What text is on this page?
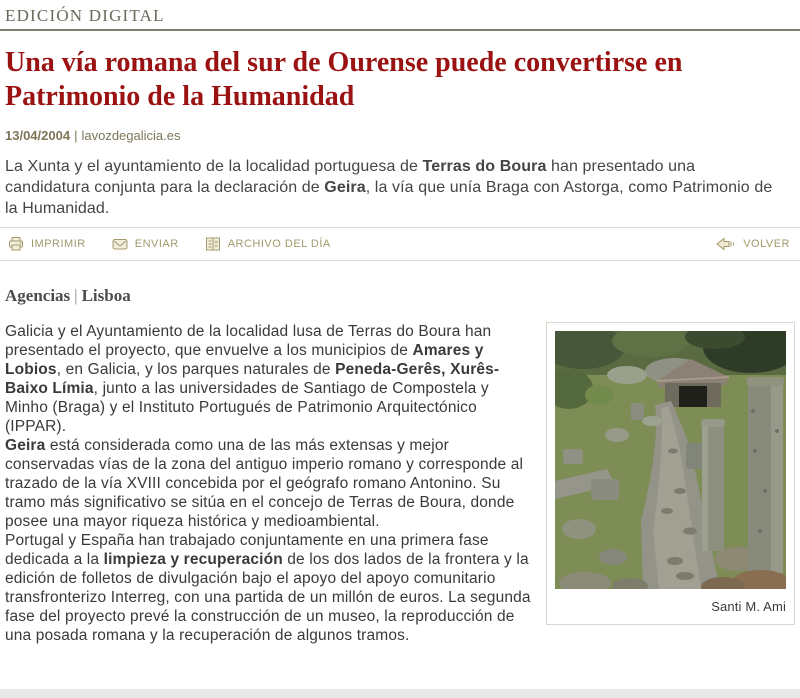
EDICIÓN DIGITAL
Una vía romana del sur de Ourense puede convertirse en Patrimonio de la Humanidad
13/04/2004 | lavozdegalicia.es

La Xunta y el ayuntamiento de la localidad portuguesa de Terras do Boura han presentado una candidatura conjunta para la declaración de Geira, la vía que unía Braga con Astorga, como Patrimonio de la Humanidad.

IMPRIMIR	ENVIAR	ARCHIVO DEL DÍA	VOLVER
Agencias | Lisboa
Santi M. Ami

Galicia y el Ayuntamiento de la localidad lusa de Terras do Boura han presentado el proyecto, que envuelve a los municipios de Amares y Lobios, en Galicia, y los parques naturales de Peneda-Gerês, Xurês-Baixo Límia, junto a las universidades de Santiago de Compostela y Minho (Braga) y el Instituto Portugués de Patrimonio Arquitectónico (IPPAR).

Geira está considerada como una de las más extensas y mejor conservadas vías de la zona del antiguo imperio romano y corresponde al trazado de la vía XVIII concebida por el geógrafo romano Antonino. Su tramo más significativo se sitúa en el concejo de Terras de Boura, donde posee una mayor riqueza histórica y medioambiental.

Portugal y España han trabajado conjuntamente en una primera fase dedicada a la limpieza y recuperación de los dos lados de la frontera y la edición de folletos de divulgación bajo el apoyo del apoyo comunitario transfronterizo Interreg, con una partida de un millón de euros. La segunda fase del proyecto prevé la construcción de un museo, la reproducción de una posada romana y la recuperación de algunos tramos.
